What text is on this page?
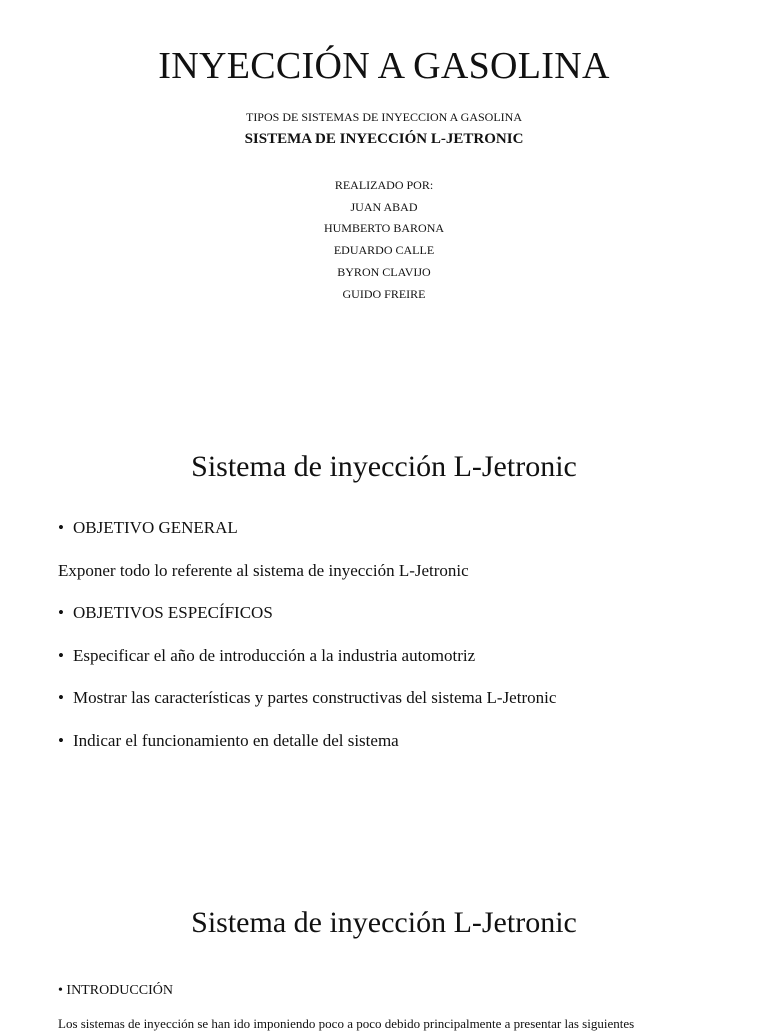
INYECCIÓN A GASOLINA
TIPOS DE SISTEMAS DE INYECCION A GASOLINA
SISTEMA DE INYECCIÓN L-JETRONIC
REALIZADO POR:
JUAN ABAD
HUMBERTO BARONA
EDUARDO CALLE
BYRON CLAVIJO
GUIDO FREIRE
Sistema de inyección L-Jetronic
• OBJETIVO GENERAL
Exponer todo lo referente al sistema de inyección L-Jetronic
• OBJETIVOS ESPECÍFICOS
• Especificar el año de introducción a la industria automotriz
• Mostrar las características y partes constructivas del sistema L-Jetronic
• Indicar el funcionamiento en detalle del sistema
Sistema de inyección L-Jetronic
• INTRODUCCIÓN
Los sistemas de inyección se han ido imponiendo poco a poco debido principalmente a presentar las siguientes
